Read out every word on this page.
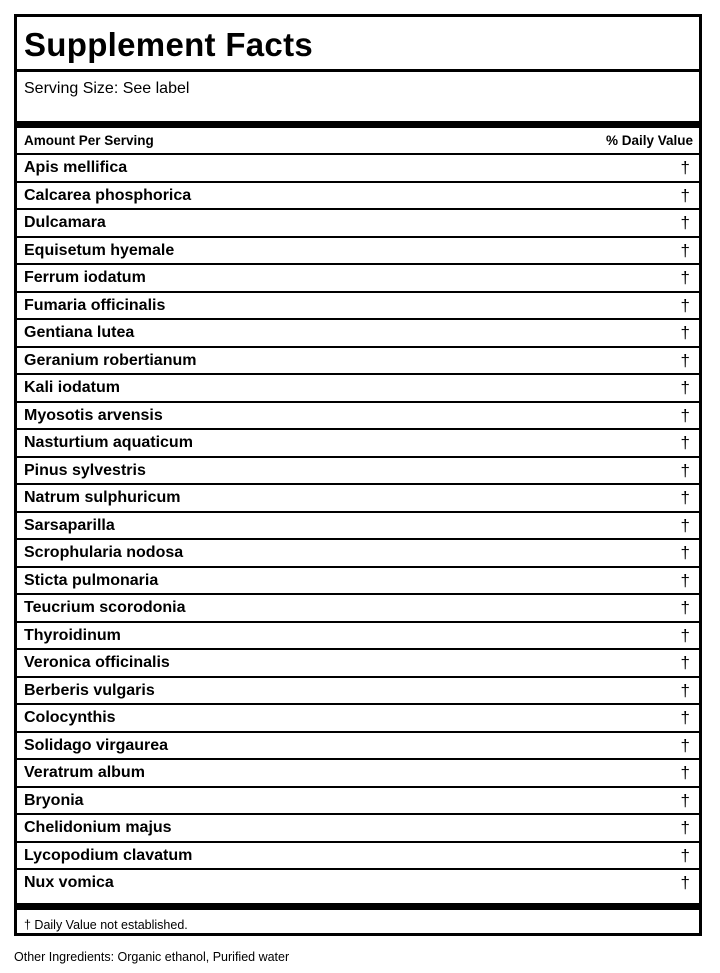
Supplement Facts
Serving Size: See label
Amount Per Serving	% Daily Value
Apis mellifica	†
Calcarea phosphorica	†
Dulcamara	†
Equisetum hyemale	†
Ferrum iodatum	†
Fumaria officinalis	†
Gentiana lutea	†
Geranium robertianum	†
Kali iodatum	†
Myosotis arvensis	†
Nasturtium aquaticum	†
Pinus sylvestris	†
Natrum sulphuricum	†
Sarsaparilla	†
Scrophularia nodosa	†
Sticta pulmonaria	†
Teucrium scorodonia	†
Thyroidinum	†
Veronica officinalis	†
Berberis vulgaris	†
Colocynthis	†
Solidago virgaurea	†
Veratrum album	†
Bryonia	†
Chelidonium majus	†
Lycopodium clavatum	†
Nux vomica	†
† Daily Value not established.
Other Ingredients: Organic ethanol, Purified water
